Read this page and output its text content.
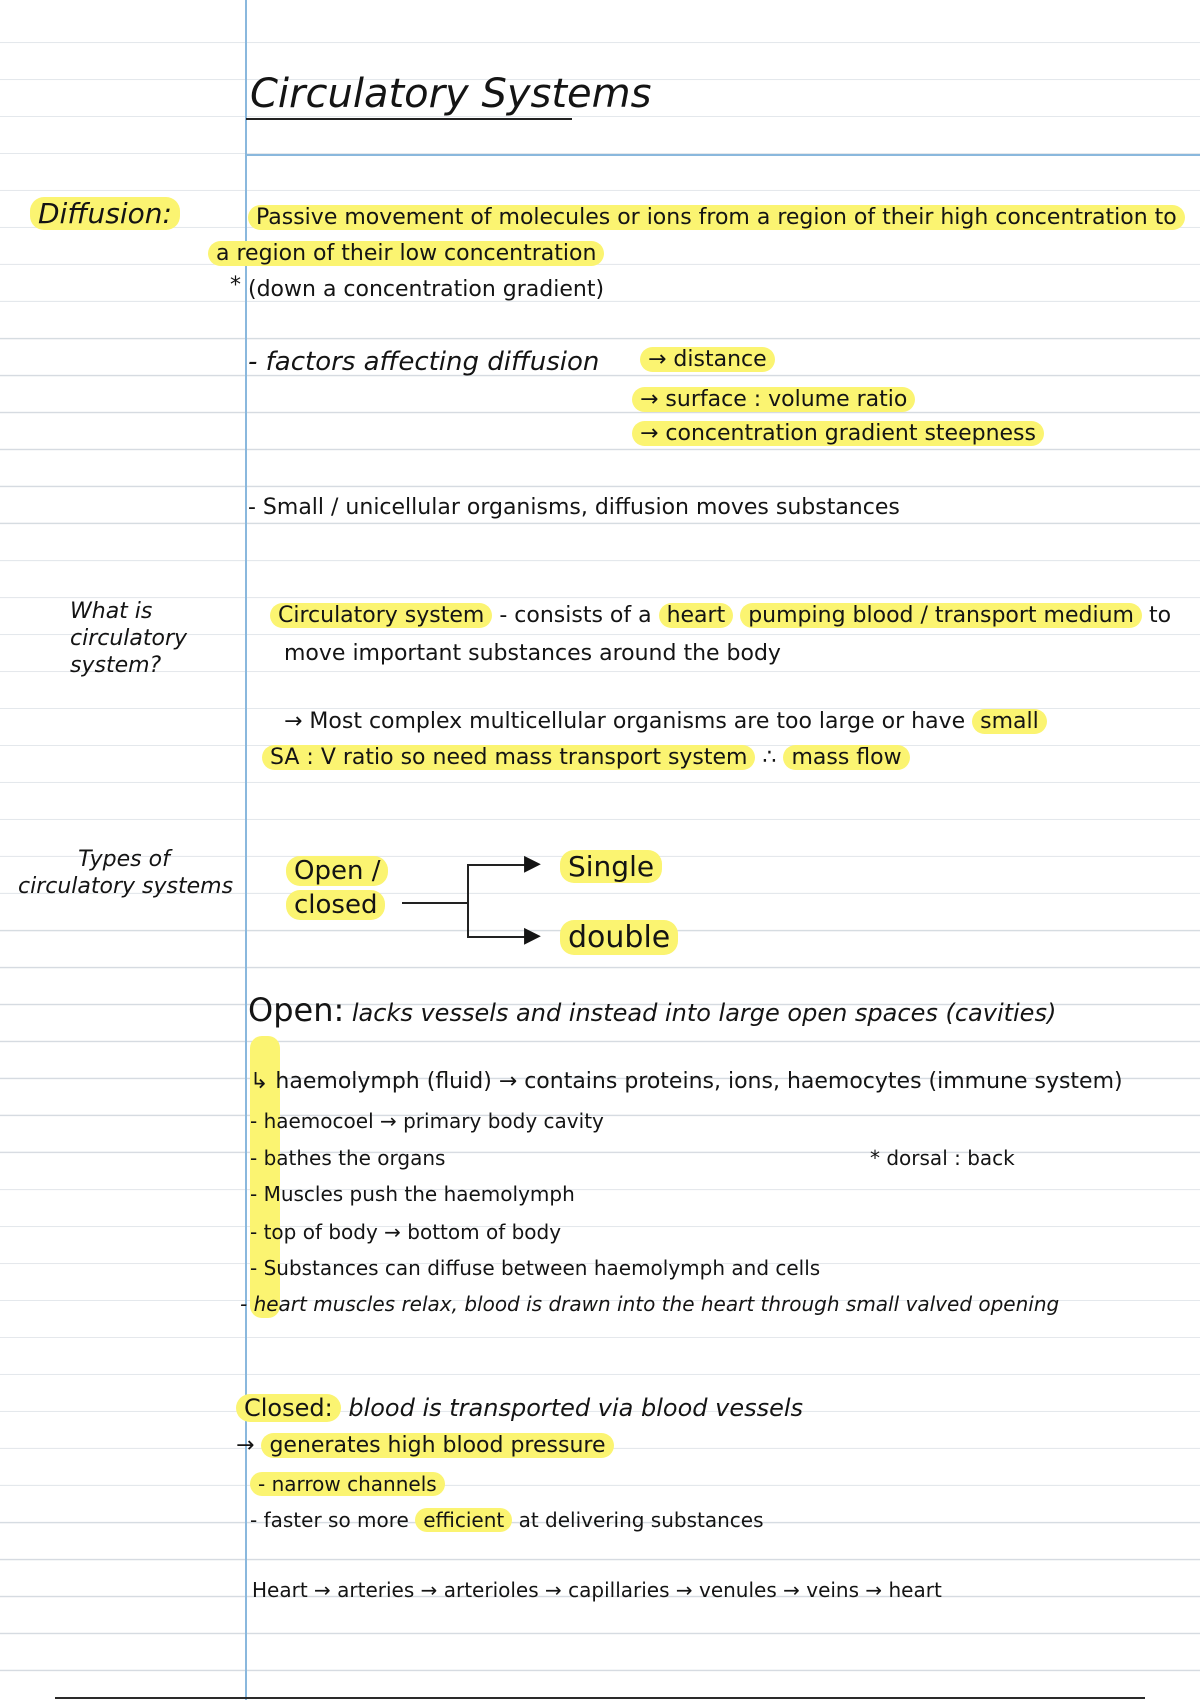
Circulatory Systems
Diffusion:
What is
circulatory
system?
Types of
circulatory systems
Passive movement of molecules or ions from a region of their high concentration to
a region of their low concentration
* (down a concentration gradient)
- factors affecting diffusion	→ distance
→ surface : volume ratio
→ concentration gradient steepness
- Small / unicellular organisms, diffusion moves substances
Circulatory system - consists of a heart pumping blood / transport medium to
move important substances around the body
→ Most complex multicellular organisms are too large or have small
SA : V ratio so need mass transport system ∴ mass flow
Open /
closed
▶
▶
Single
double
Open: lacks vessels and instead into large open spaces (cavities)
↳ haemolymph (fluid) → contains proteins, ions, haemocytes (immune system)
- haemocoel → primary body cavity
- bathes the organs
- Muscles push the haemolymph
- top of body → bottom of body
- Substances can diffuse between haemolymph and cells
- heart muscles relax, blood is drawn into the heart through small valved opening
* dorsal : back
Closed: blood is transported via blood vessels
→ generates high blood pressure
- narrow channels
- faster so more efficient at delivering substances
Heart → arteries → arterioles → capillaries → venules → veins → heart
